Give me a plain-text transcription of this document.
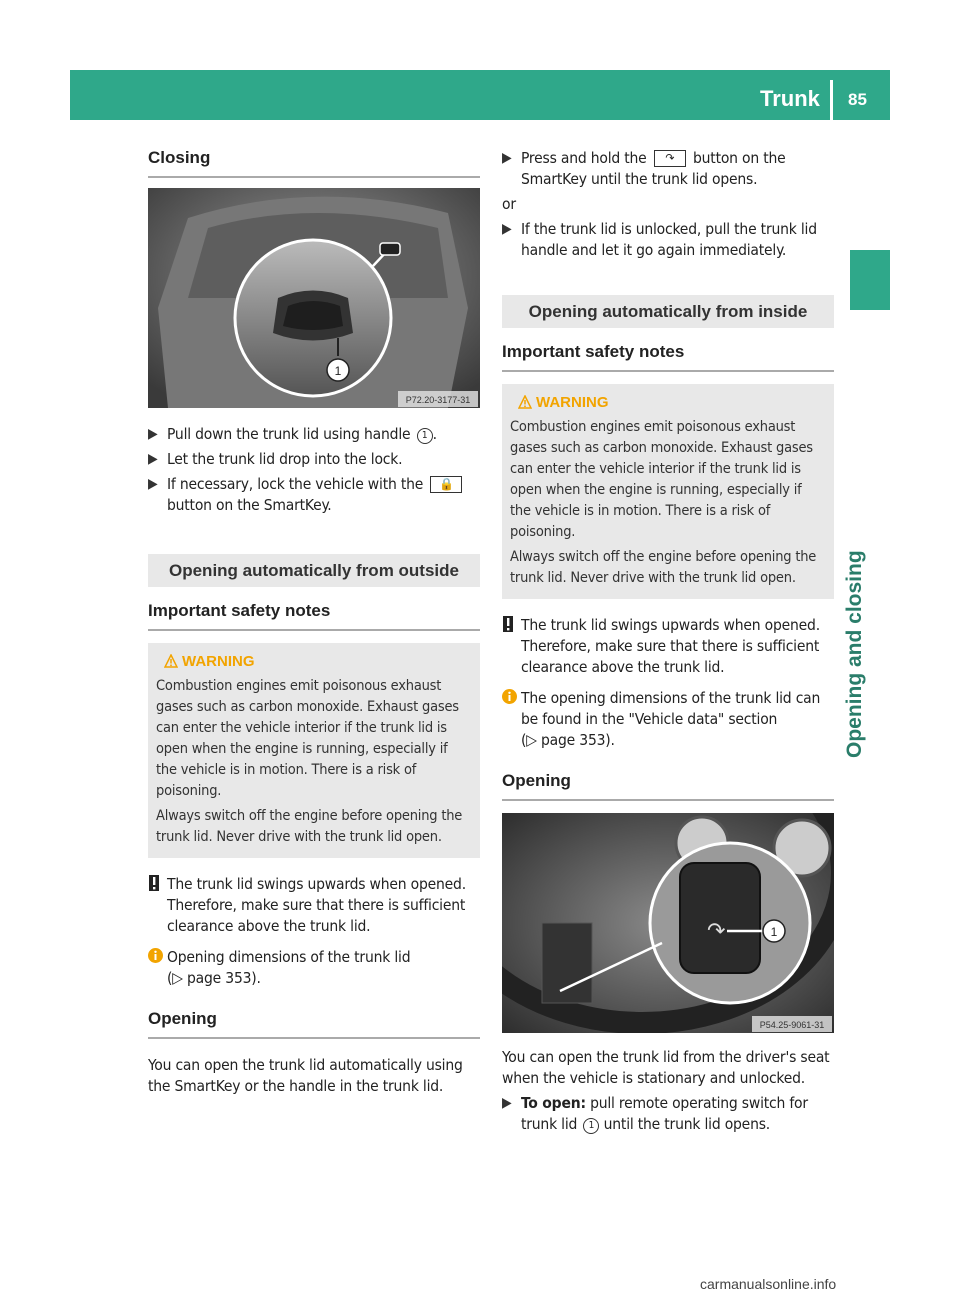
Trunk 85
Opening and closing
Closing
1
P72.20-3177-31
▶ Pull down the trunk lid using handle 1 .
▶ Let the trunk lid drop into the lock.
▶ If necessary, lock the vehicle with the 🔒 button on the SmartKey.
Opening automatically from outside
Important safety notes
WARNING

Combustion engines emit poisonous exhaust gases such as carbon monoxide. Exhaust gases can enter the vehicle interior if the trunk lid is open when the engine is running, especially if the vehicle is in motion. There is a risk of poisoning.

Always switch off the engine before opening the trunk lid. Never drive with the trunk lid open.

The trunk lid swings upwards when opened. Therefore, make sure that there is sufficient clearance above the trunk lid.

Opening dimensions of the trunk lid
(▷ page 353).

Opening

You can open the trunk lid automatically using the SmartKey or the handle in the trunk lid.

▶ Press and hold the ↷ button on the SmartKey until the trunk lid opens.

or

▶ If the trunk lid is unlocked, pull the trunk lid handle and let it go again immediately.
Opening automatically from inside
Important safety notes
WARNING

Combustion engines emit poisonous exhaust gases such as carbon monoxide. Exhaust gases can enter the vehicle interior if the trunk lid is open when the engine is running, especially if the vehicle is in motion. There is a risk of poisoning.

Always switch off the engine before opening the trunk lid. Never drive with the trunk lid open.

The trunk lid swings upwards when opened. Therefore, make sure that there is sufficient clearance above the trunk lid.

The opening dimensions of the trunk lid can be found in the "Vehicle data" section
(▷ page 353).

Opening
↷	1
P54.25-9061-31

You can open the trunk lid from the driver's seat when the vehicle is stationary and unlocked.

▶ To open: pull remote operating switch for trunk lid 1 until the trunk lid opens.
carmanualsonline.info
